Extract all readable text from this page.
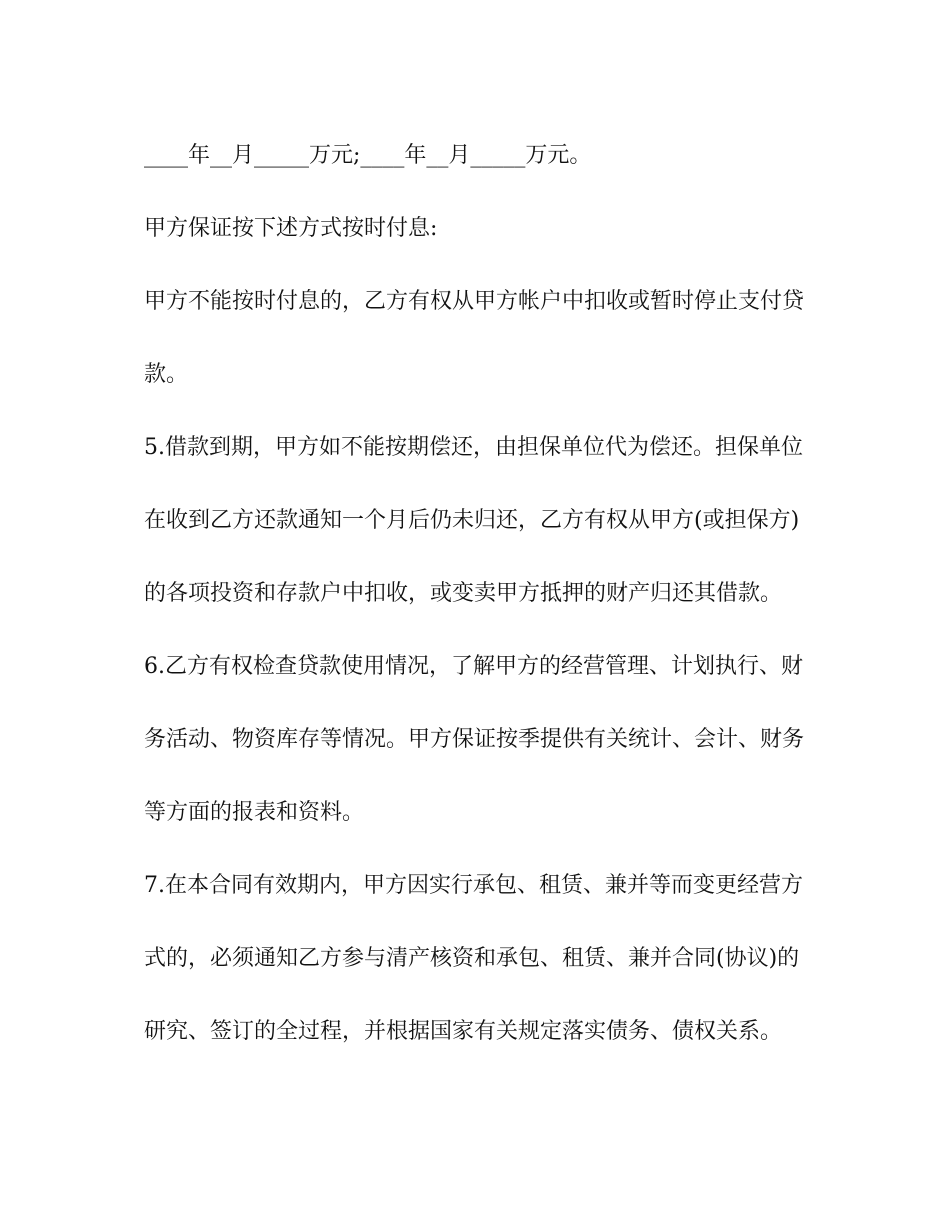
____年__月_____万元;____年__月_____万元。

甲方保证按下述方式按时付息:

甲方不能按时付息的，乙方有权从甲方帐户中扣收或暂时停止支付贷

款。

5.借款到期，甲方如不能按期偿还，由担保单位代为偿还。担保单位

在收到乙方还款通知一个月后仍未归还，乙方有权从甲方(或担保方)

的各项投资和存款户中扣收，或变卖甲方抵押的财产归还其借款。

6.乙方有权检查贷款使用情况，了解甲方的经营管理、计划执行、财

务活动、物资库存等情况。甲方保证按季提供有关统计、会计、财务

等方面的报表和资料。

7.在本合同有效期内，甲方因实行承包、租赁、兼并等而变更经营方

式的，必须通知乙方参与清产核资和承包、租赁、兼并合同(协议)的

研究、签订的全过程，并根据国家有关规定落实债务、债权关系。
